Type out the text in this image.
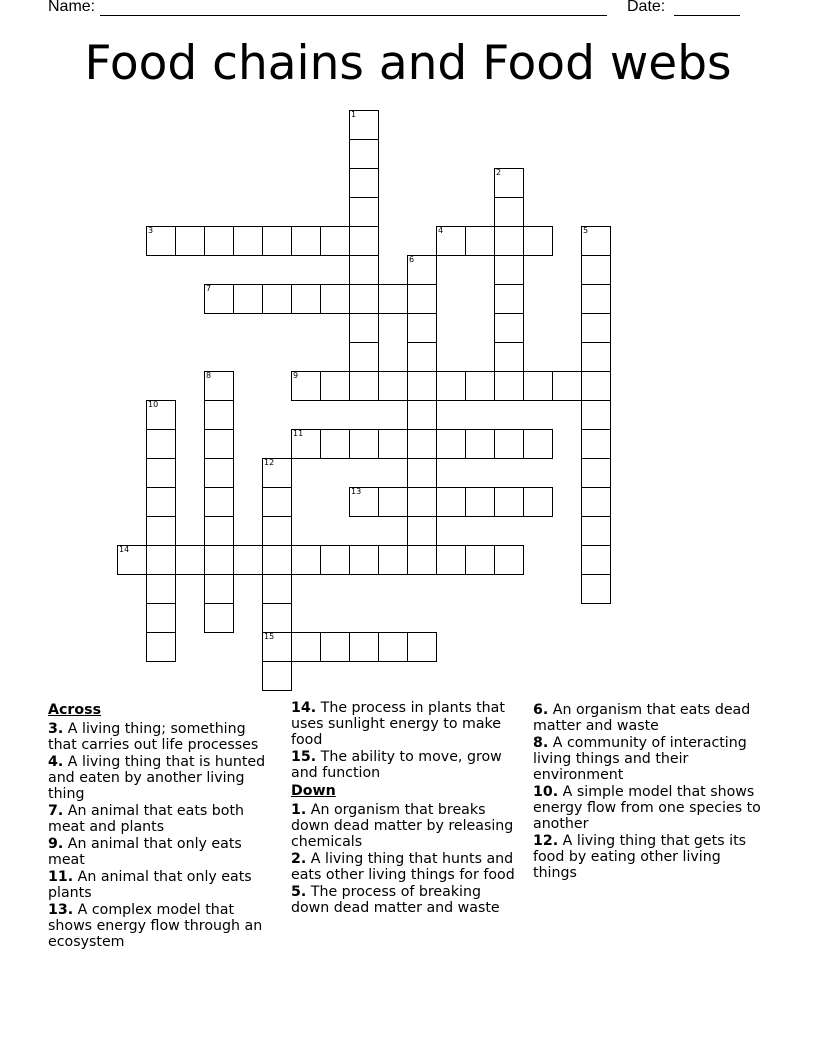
Name:	Date:
Food chains and Food webs
1
2
3	4	5
6
7
8	9
10
11
12
15
13
14
Across
3. A living thing; something that carries out life processes
4. A living thing that is hunted and eaten by another living thing
7. An animal that eats both meat and plants
9. An animal that only eats meat
11. An animal that only eats plants
13. A complex model that shows energy flow through an ecosystem
14. The process in plants that uses sunlight energy to make food
15. The ability to move, grow and function
Down
1. An organism that breaks down dead matter by releasing chemicals
2. A living thing that hunts and eats other living things for food
5. The process of breaking down dead matter and waste
6. An organism that eats dead matter and waste
8. A community of interacting living things and their environment
10. A simple model that shows energy flow from one species to another
12. A living thing that gets its food by eating other living things
